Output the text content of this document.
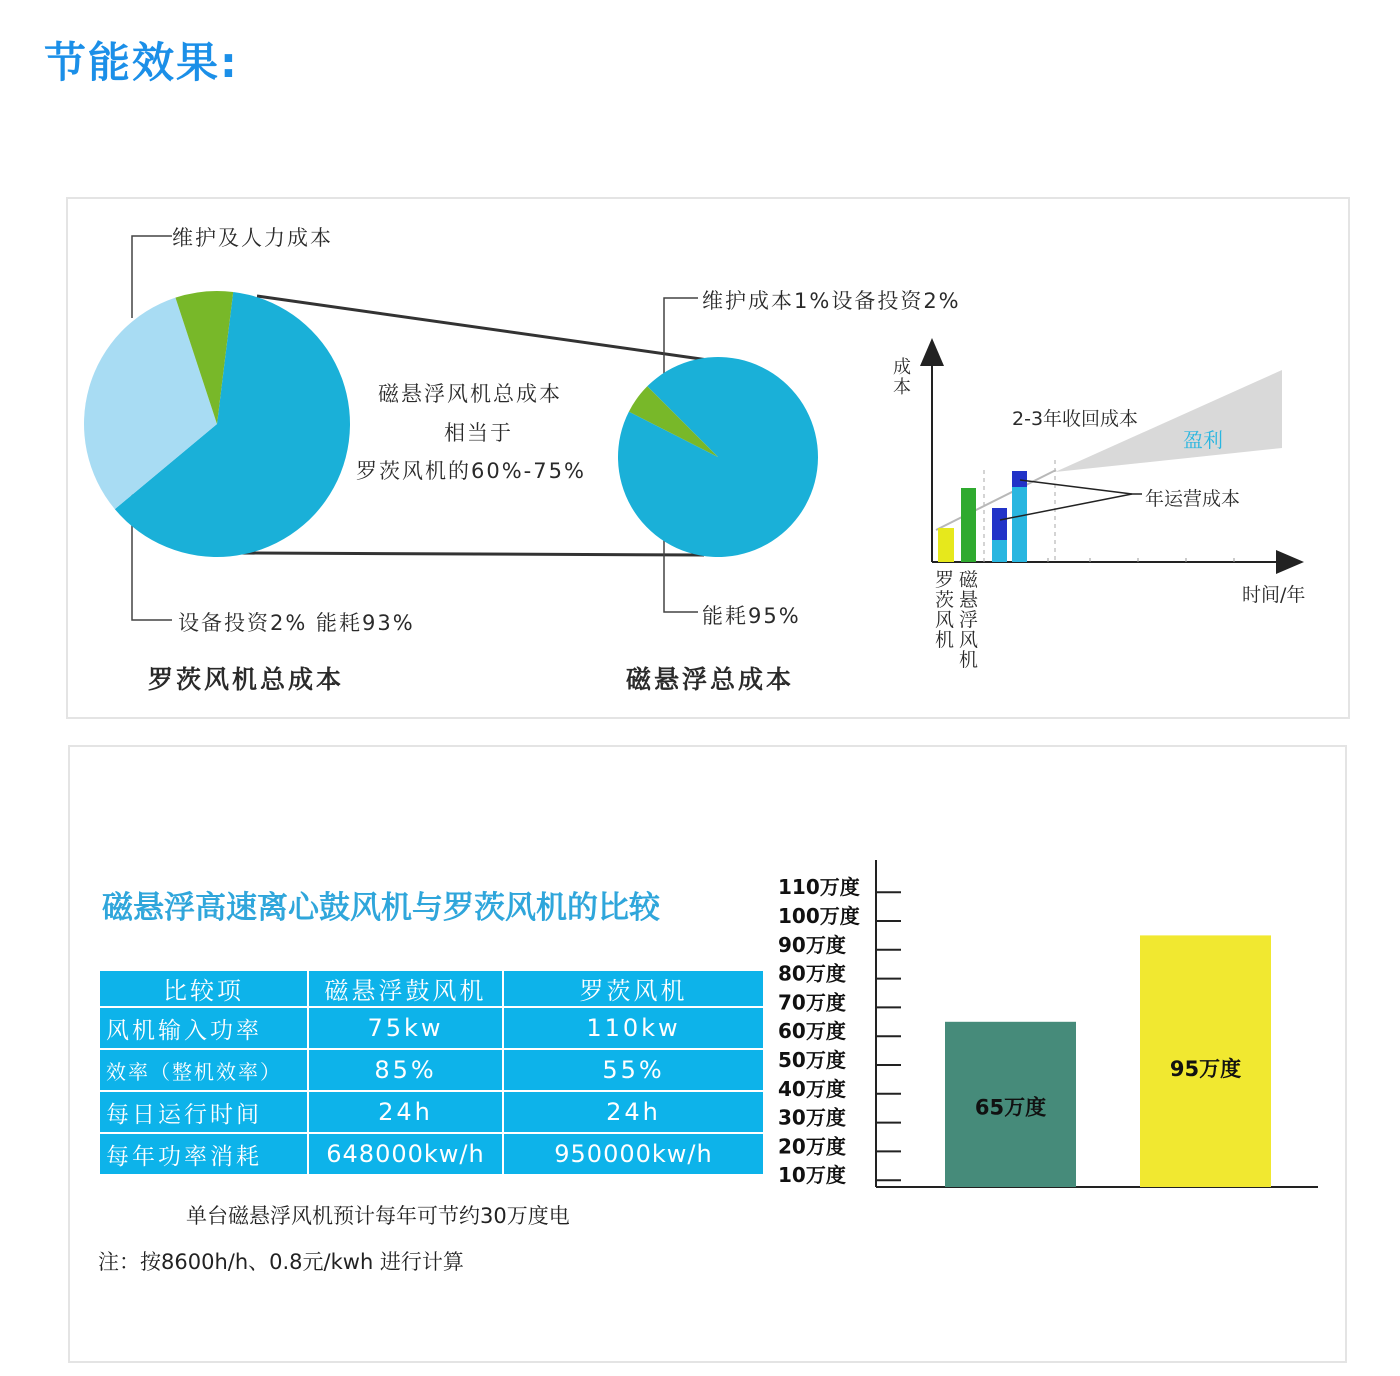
节能效果:
维护及人力成本
设备投资2% 能耗93%
罗茨风机总成本
维护成本1%设备投资2%
能耗95%
磁悬浮总成本
磁悬浮风机总成本
相当于
罗茨风机的60%-75%
成本
时间/年
2-3年收回成本
盈利
年运营成本
罗茨风机
磁悬浮风机
磁悬浮高速离心鼓风机与罗茨风机的比较
比较项	磁悬浮鼓风机	罗茨风机
风机输入功率	75kw	110kw
效率（整机效率）	85%	55%
每日运行时间	24h	24h
每年功率消耗	648000kw/h	950000kw/h
单台磁悬浮风机预计每年可节约30万度电
注：按8600h/h、0.8元/kwh 进行计算
10万度
20万度
30万度
40万度
50万度
60万度
70万度
80万度
90万度
100万度
110万度
65万度
95万度
